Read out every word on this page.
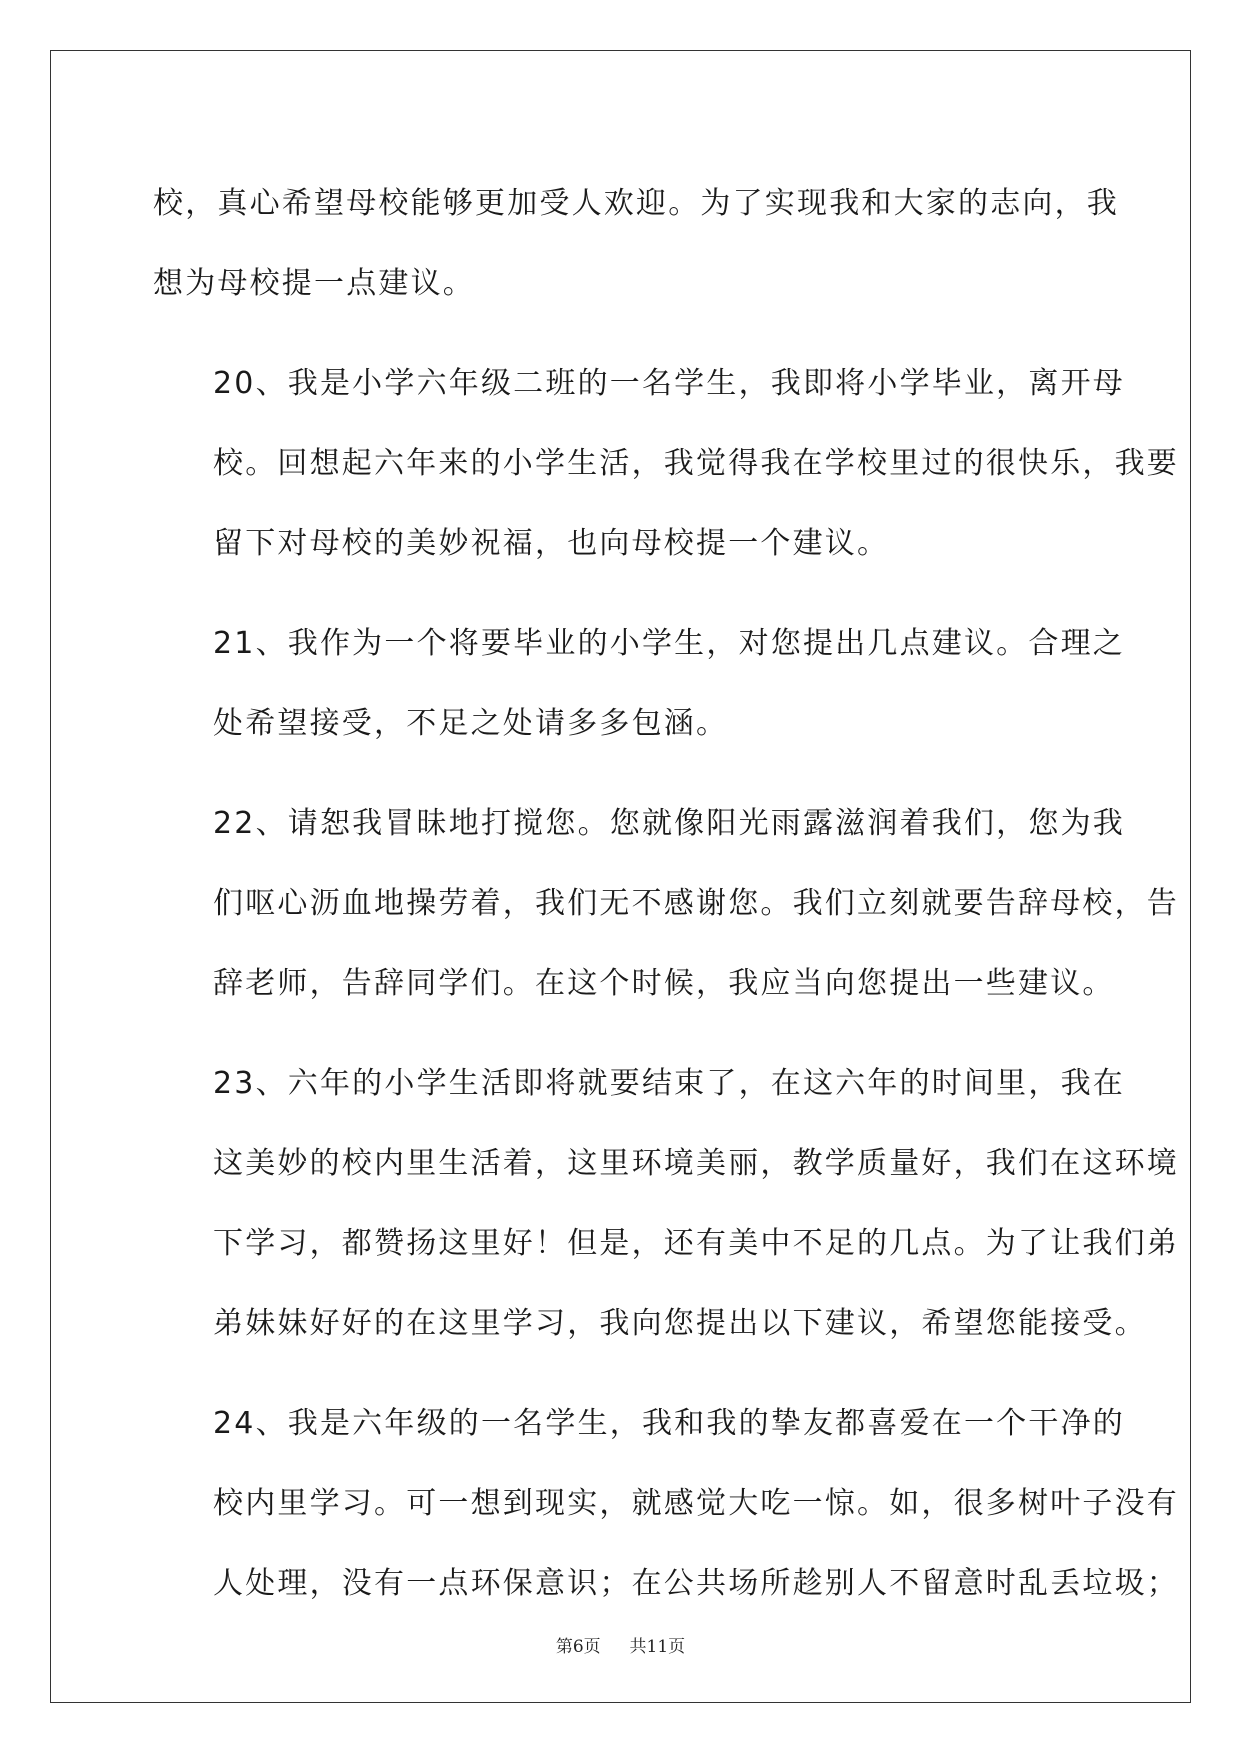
校，真心希望母校能够更加受人欢迎。为了实现我和大家的志向，我
想为母校提一点建议。

20、我是小学六年级二班的一名学生，我即将小学毕业，离开母
校。回想起六年来的小学生活，我觉得我在学校里过的很快乐，我要
留下对母校的美妙祝福，也向母校提一个建议。

21、我作为一个将要毕业的小学生，对您提出几点建议。合理之
处希望接受，不足之处请多多包涵。

22、请恕我冒昧地打搅您。您就像阳光雨露滋润着我们，您为我
们呕心沥血地操劳着，我们无不感谢您。我们立刻就要告辞母校，告
辞老师，告辞同学们。在这个时候，我应当向您提出一些建议。

23、六年的小学生活即将就要结束了，在这六年的时间里，我在
这美妙的校内里生活着，这里环境美丽，教学质量好，我们在这环境
下学习，都赞扬这里好！但是，还有美中不足的几点。为了让我们弟
弟妹妹好好的在这里学习，我向您提出以下建议，希望您能接受。

24、我是六年级的一名学生，我和我的挚友都喜爱在一个干净的
校内里学习。可一想到现实，就感觉大吃一惊。如，很多树叶子没有
人处理，没有一点环保意识；在公共场所趁别人不留意时乱丢垃圾；

第6页 共11页
